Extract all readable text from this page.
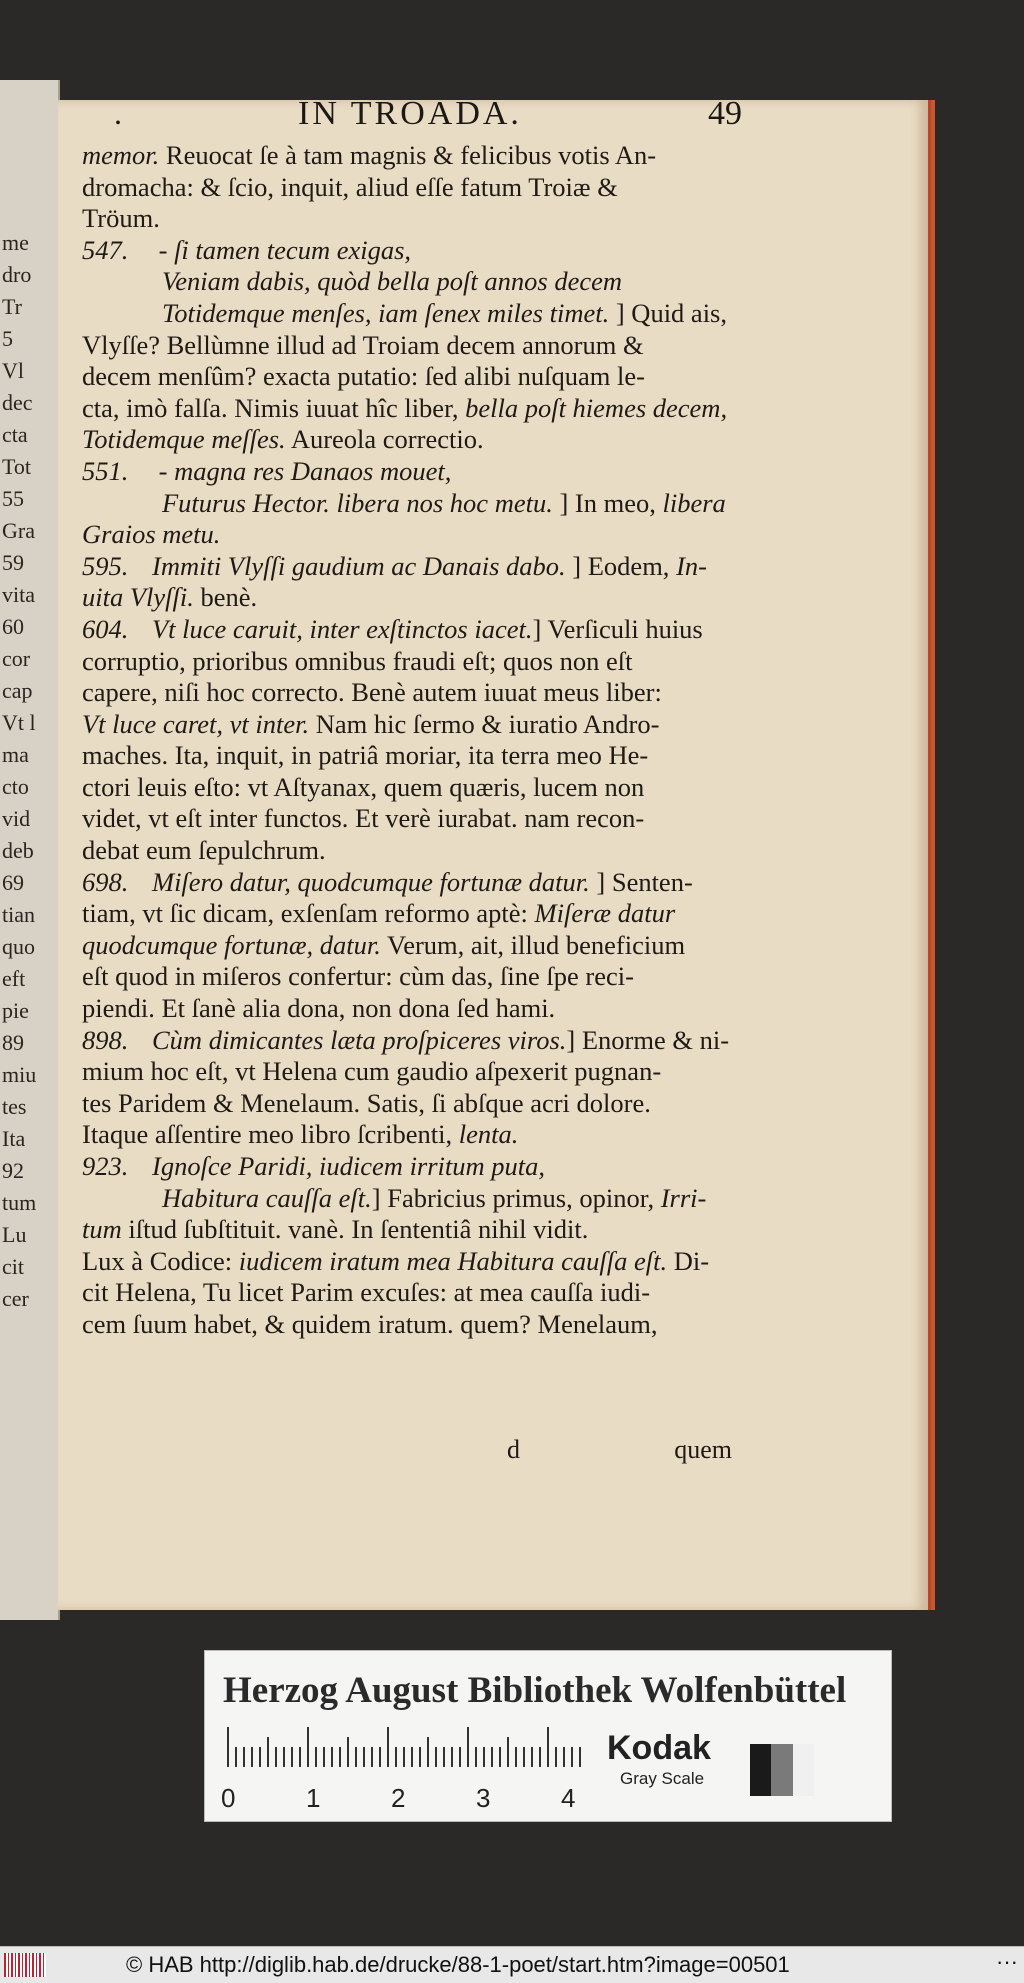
me
dro
Tr
5
Vl
dec
cta
Tot
55
Gra
59
vita
60
cor
cap
Vt l
ma
cto
vid
deb
69
tian
quo
eft
pie
89
miu
tes
Ita
92
tum
Lu
cit
cer
.	IN TROADA.	49
memor. Reuocat ſe à tam magnis & felicibus votis An-
dromacha: & ſcio, inquit, aliud eſſe fatum Troiæ &
Tröum.
547. - ſi tamen tecum exigas,
Veniam dabis, quòd bella poſt annos decem
Totidemque menſes, iam ſenex miles timet. ] Quid ais,
Vlyſſe? Bellùmne illud ad Troiam decem annorum &
decem menſûm? exacta putatio: ſed alibi nuſquam le-
cta, imò falſa. Nimis iuuat hîc liber, bella poſt hiemes decem,
Totidemque meſſes. Aureola correctio.
551. - magna res Danaos mouet,
Futurus Hector. libera nos hoc metu. ] In meo, libera
Graios metu.
595. Immiti Vlyſſi gaudium ac Danais dabo. ] Eodem, In-
uita Vlyſſi. benè.
604. Vt luce caruit, inter exſtinctos iacet.] Verſiculi huius
corruptio, prioribus omnibus fraudi eſt; quos non eſt
capere, niſi hoc correcto. Benè autem iuuat meus liber:
Vt luce caret, vt inter. Nam hic ſermo & iuratio Andro-
maches. Ita, inquit, in patriâ moriar, ita terra meo He-
ctori leuis eſto: vt Aſtyanax, quem quæris, lucem non
videt, vt eſt inter functos. Et verè iurabat. nam recon-
debat eum ſepulchrum.
698. Miſero datur, quodcumque fortunæ datur. ] Senten-
tiam, vt ſic dicam, exſenſam reformo aptè: Miſeræ datur
quodcumque fortunæ, datur. Verum, ait, illud beneficium
eſt quod in miſeros confertur: cùm das, ſine ſpe reci-
piendi. Et ſanè alia dona, non dona ſed hami.
898. Cùm dimicantes læta proſpiceres viros.] Enorme & ni-
mium hoc eſt, vt Helena cum gaudio aſpexerit pugnan-
tes Paridem & Menelaum. Satis, ſi abſque acri dolore.
Itaque aſſentire meo libro ſcribenti, lenta.
923. Ignoſce Paridi, iudicem irritum puta,
Habitura cauſſa eſt.] Fabricius primus, opinor, Irri-
tum iſtud ſubſtituit. vanè. In ſententiâ nihil vidit.
Lux à Codice: iudicem iratum mea Habitura cauſſa eſt. Di-
cit Helena, Tu licet Parim excuſes: at mea cauſſa iudi-
cem ſuum habet, & quidem iratum. quem? Menelaum,
d	quem
Herzog August Bibliothek Wolfenbüttel
0	1	2	3	4
Kodak
Gray Scale
© HAB http://diglib.hab.de/drucke/88-1-poet/start.htm?image=00501	···
